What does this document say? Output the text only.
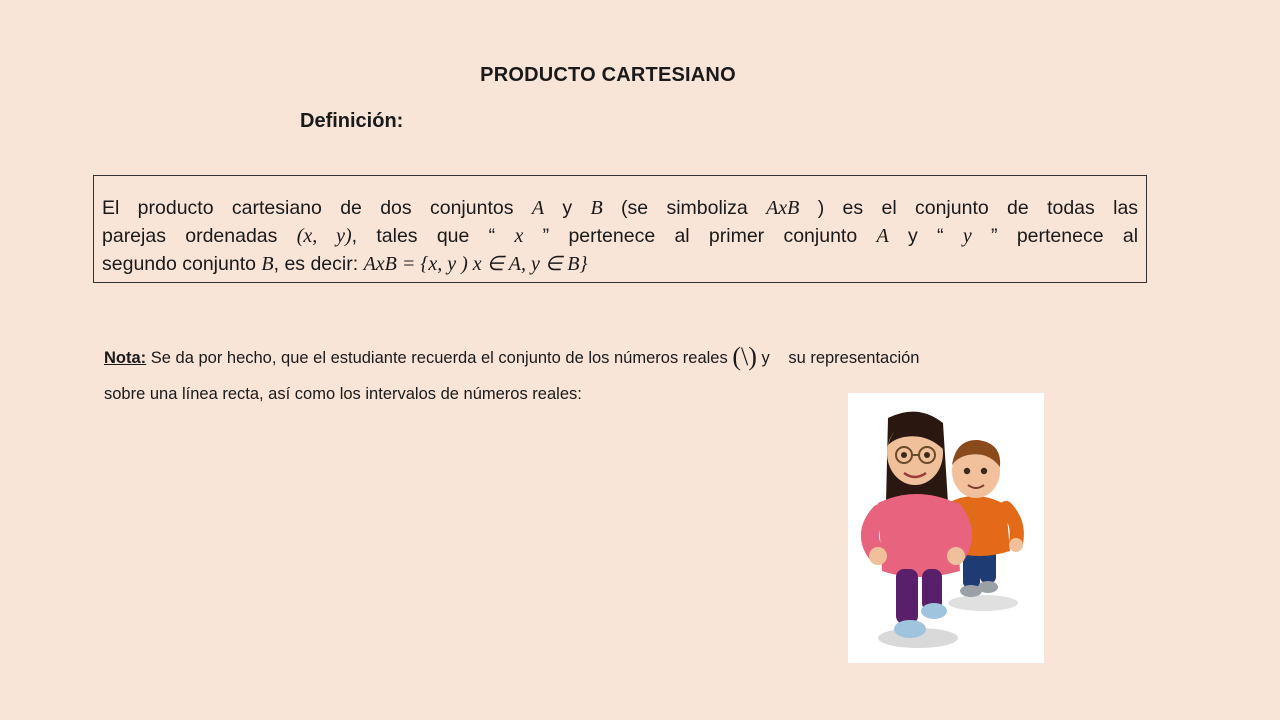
PRODUCTO CARTESIANO
Definición:
El producto cartesiano de dos conjuntos A y B (se simboliza AxB ) es el conjunto de todas las
parejas ordenadas (x, y), tales que “ x ” pertenece al primer conjunto A y “ y ” pertenece al
segundo conjunto B, es decir: AxB = {x, y ) x ∈ A, y ∈ B}
Nota: Se da por hecho, que el estudiante recuerda el conjunto de los números reales (\) y su representación
sobre una línea recta, así como los intervalos de números reales:
